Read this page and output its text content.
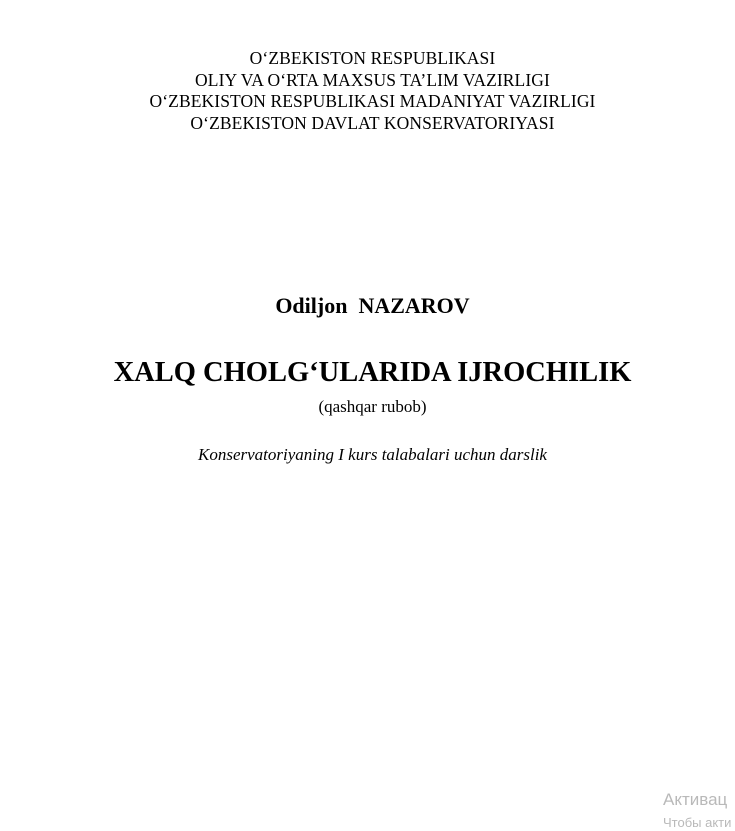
O‘ZBEKISTON RESPUBLIKASI
OLIY VA O‘RTA MAXSUS TA’LIM VAZIRLIGI
O‘ZBEKISTON RESPUBLIKASI MADANIYAT VAZIRLIGI
O‘ZBEKISTON DAVLAT KONSERVATORIYASI
Odiljon  NAZAROV
XALQ CHOLG‘ULARIDA IJROCHILIK
(qashqar rubob)
Konservatoriyaning I kurs talabalari uchun darslik
Активац
Чтобы акти
